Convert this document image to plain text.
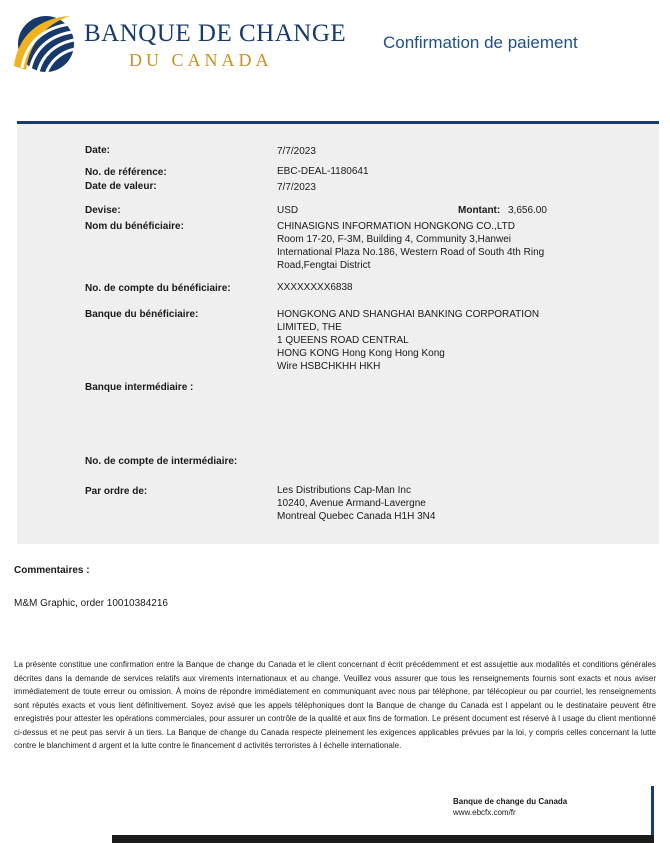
BANQUE DE CHANGE
DU CANADA
Confirmation de paiement
Date:	7/7/2023
No. de référence:	EBC-DEAL-1180641
Date de valeur:	7/7/2023
Devise:	USD	Montant: 3,656.00
Nom du bénéficiaire:	CHINASIGNS INFORMATION HONGKONG CO.,LTD
Room 17-20, F-3M, Building 4, Community 3,Hanwei
International Plaza No.186, Western Road of South 4th Ring
Road,Fengtai District
No. de compte du bénéficiaire:	XXXXXXXX6838
Banque du bénéficiaire:	HONGKONG AND SHANGHAI BANKING CORPORATION
LIMITED, THE
1 QUEENS ROAD CENTRAL
HONG KONG Hong Kong Hong Kong
Wire HSBCHKHH HKH
Banque intermédiaire :
No. de compte de intermédiaire:
Par ordre de:	Les Distributions Cap-Man Inc
10240, Avenue Armand-Lavergne
Montreal Quebec Canada H1H 3N4
Commentaires :
M&M Graphic, order 10010384216
La présente constitue une confirmation entre la Banque de change du Canada et le client concernant d écrit précédemment et est assujettie aux modalités et conditions générales décrites dans la demande de services relatifs aux virements internationaux et au change. Veuillez vous assurer que tous les renseignements fournis sont exacts et nous aviser immédiatement de toute erreur ou omission. À moins de répondre immédiatement en communiquant avec nous par téléphone, par télécopieur ou par courriel, les renseignements sont réputés exacts et vous lient définitivement. Soyez avisé que les appels téléphoniques dont la Banque de change du Canada est l appelant ou le destinataire peuvent être enregistrés pour attester les opérations commerciales, pour assurer un contrôle de la qualité et aux fins de formation. Le présent document est réservé à l usage du client mentionné ci-dessus et ne peut pas servir à un tiers. La Banque de change du Canada respecte pleinement les exigences applicables prévues par la loi, y compris celles concernant la lutte contre le blanchiment d argent et la lutte contre le financement d activités terroristes à l échelle internationale.
Banque de change du Canada
www.ebcfx.com/fr
